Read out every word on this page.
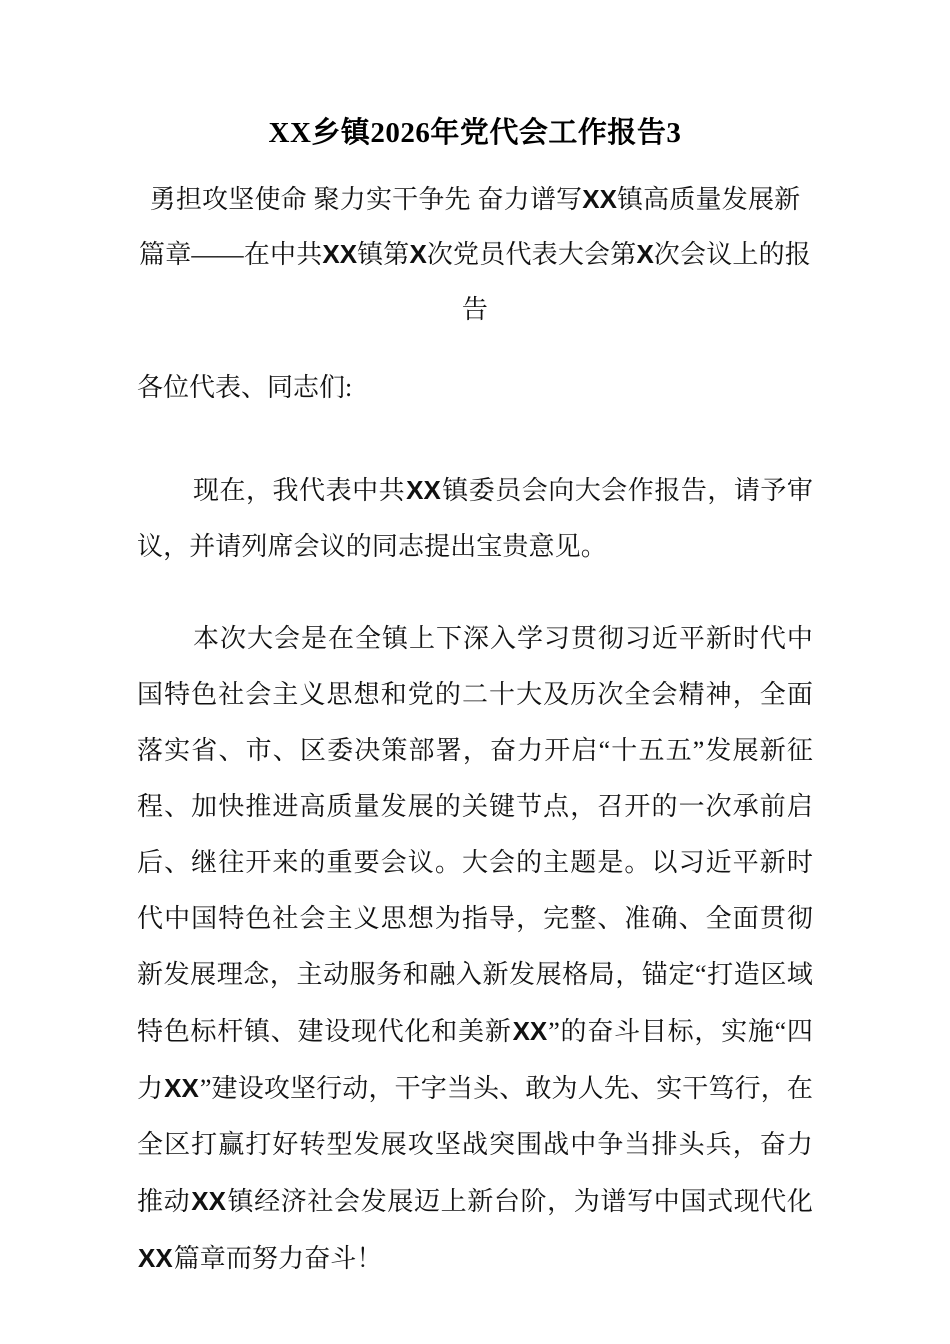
XX乡镇2026年党代会工作报告3
勇担攻坚使命 聚力实干争先 奋力谱写XX镇高质量发展新篇章——在中共XX镇第X次党员代表大会第X次会议上的报告

各位代表、同志们:

现在，我代表中共XX镇委员会向大会作报告，请予审议，并请列席会议的同志提出宝贵意见。

本次大会是在全镇上下深入学习贯彻习近平新时代中国特色社会主义思想和党的二十大及历次全会精神，全面落实省、市、区委决策部署，奋力开启“十五五”发展新征程、加快推进高质量发展的关键节点，召开的一次承前启后、继往开来的重要会议。大会的主题是。以习近平新时代中国特色社会主义思想为指导，完整、准确、全面贯彻新发展理念，主动服务和融入新发展格局，锚定“打造区域特色标杆镇、建设现代化和美新XX”的奋斗目标，实施“四力XX”建设攻坚行动，干字当头、敢为人先、实干笃行，在全区打赢打好转型发展攻坚战突围战中争当排头兵，奋力推动XX镇经济社会发展迈上新台阶，为谱写中国式现代化XX篇章而努力奋斗！
